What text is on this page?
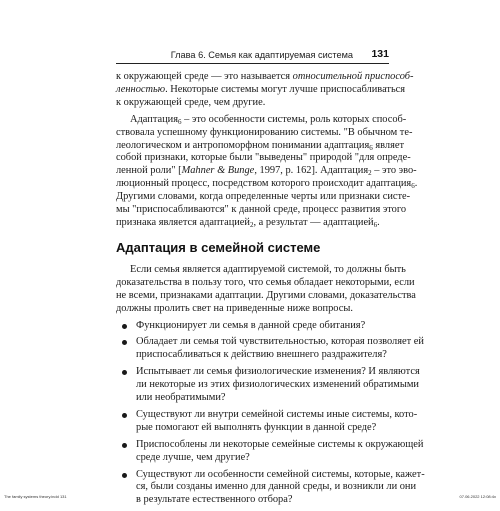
Глава 6. Семья как адаптируемая система 131
к окружающей среде — это называется относительной приспособ-
ленностью. Некоторые системы могут лучше приспосабливаться
к окружающей среде, чем другие.
Адаптация$_6$ – это особенности системы, роль которых способ-
ствовала успешному функционированию системы. "В обычном те-
леологическом и антропоморфном понимании адаптация$_6$ являет
собой признаки, которые были "выведены" природой "для опреде-
ленной роли" [Mahner & Bunge, 1997, р. 162]. Адаптация$_2$ – это эво-
люционный процесс, посредством которого происходит адаптация$_6$.
Другими словами, когда определенные черты или признаки систе-
мы "приспосабливаются" к данной среде, процесс развития этого
признака является адаптацией$_2$, а результат — адаптацией$_6$.
Адаптация в семейной системе
Если семья является адаптируемой системой, то должны быть
доказательства в пользу того, что семья обладает некоторыми, если
не всеми, признаками адаптации. Другими словами, доказательства
должны пролить свет на приведенные ниже вопросы.
Функционирует ли семья в данной среде обитания?
Обладает ли семья той чувствительностью, которая позволяет ей
приспосабливаться к действию внешнего раздражителя?
Испытывает ли семья физиологические изменения? И являются
ли некоторые из этих физиологических изменений обратимыми
или необратимыми?
Существуют ли внутри семейной системы иные системы, кото-
рые помогают ей выполнять функции в данной среде?
Приспособлены ли некоторые семейные системы к окружающей
среде лучше, чем другие?
Существуют ли особенности семейной системы, которые, кажет-
ся, были созданы именно для данной среды, и возникли ли они
в результате естественного отбора?
The family systems theory.indd 131	07.06.2022 12:08:4x
